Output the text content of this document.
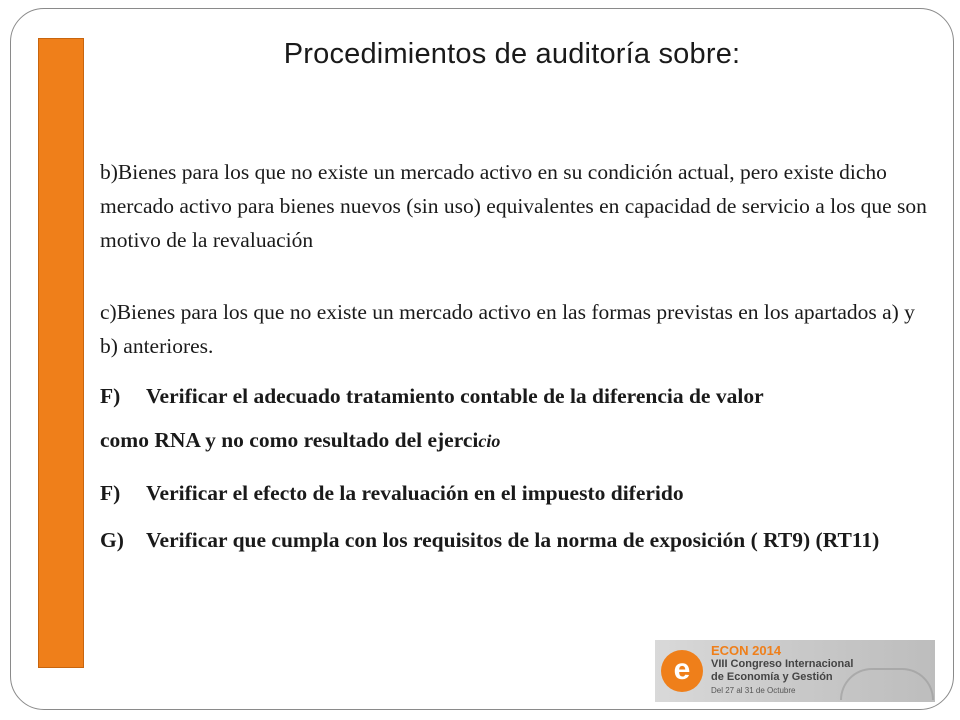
Procedimientos de auditoría sobre:
b)Bienes para los que no existe un mercado activo en su condición actual, pero existe dicho mercado activo para bienes nuevos (sin uso) equivalentes en capacidad de servicio a los que son motivo de la revaluación
c)Bienes para los que no existe un mercado activo en las formas previstas en los apartados a) y b) anteriores.
F) Verificar el adecuado tratamiento contable de la diferencia de valor
como RNA y no como resultado del ejercicio
F) Verificar el efecto de la revaluación en el impuesto diferido
G) Verificar que cumpla con los requisitos de la norma de exposición ( RT9) (RT11)
e
ECON 2014
VIII Congreso Internacional
de Economía y Gestión
Del 27 al 31 de Octubre
